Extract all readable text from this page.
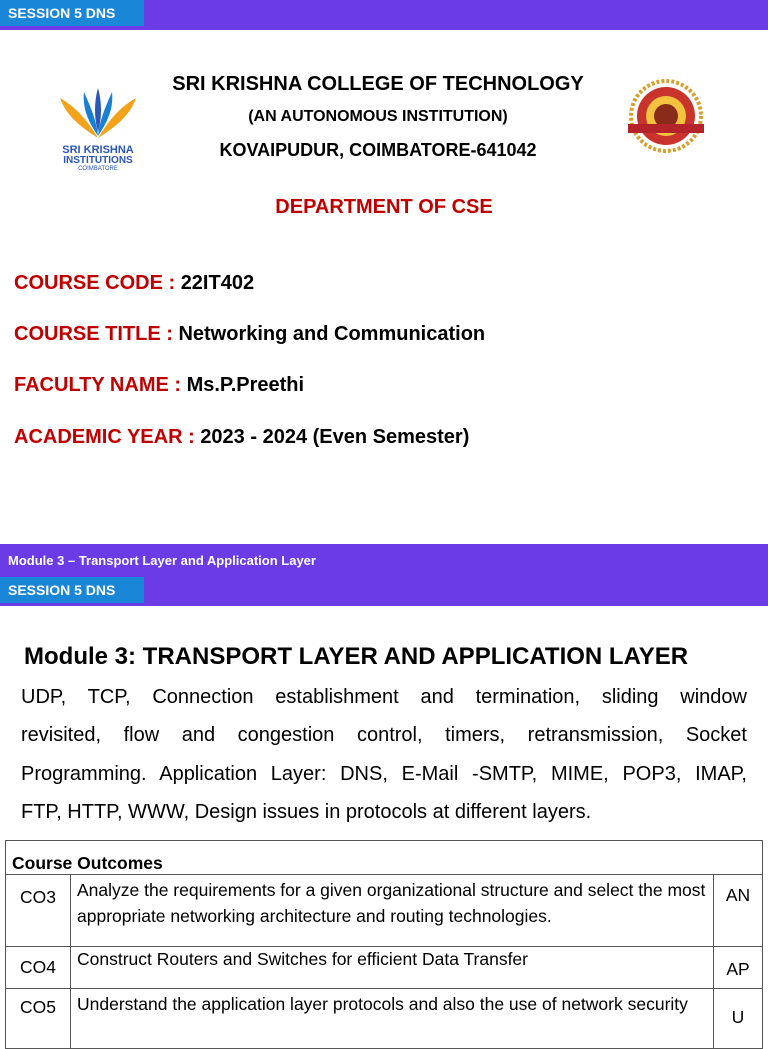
SESSION 5 DNS
SRI KRISHNA
INSTITUTIONS
COIMBATORE
SRI KRISHNA COLLEGE OF TECHNOLOGY
(AN AUTONOMOUS INSTITUTION)
KOVAIPUDUR, COIMBATORE-641042
DEPARTMENT OF CSE
COURSE CODE : 22IT402
COURSE TITLE : Networking and Communication
FACULTY NAME : Ms.P.Preethi
ACADEMIC YEAR : 2023 - 2024 (Even Semester)
Module 3 – Transport Layer and Application Layer
SESSION 5 DNS
Module 3: TRANSPORT LAYER AND APPLICATION LAYER
UDP, TCP, Connection establishment and termination, sliding window
revisited, flow and congestion control, timers, retransmission, Socket
Programming. Application Layer: DNS, E-Mail -SMTP, MIME, POP3, IMAP,
FTP, HTTP, WWW, Design issues in protocols at different layers.
Course Outcomes		
CO3	Analyze the requirements for a given organizational structure and select the most appropriate networking architecture and routing technologies.	AN
CO4	Construct Routers and Switches for efficient Data Transfer	AP
CO5	Understand the application layer protocols and also the use of network security	U
